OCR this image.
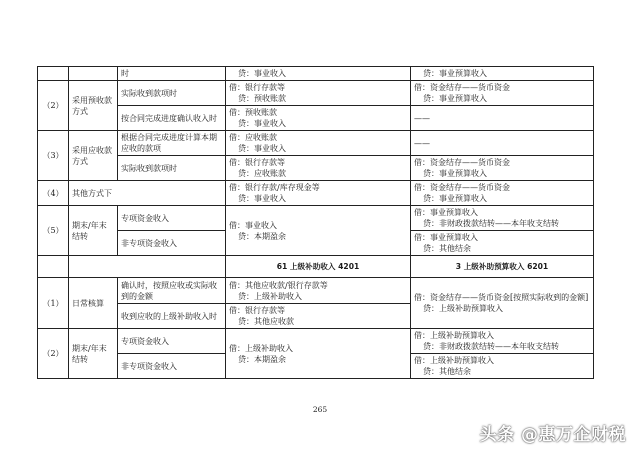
		时	贷：事业收入	贷：事业预算收入

（2）	采用预收款方式	实际收到款项时	借：银行存款等
贷：预收账款	借：资金结存——货币资金
贷：事业预算收入

		按合同完成进度确认收入时	借：预收账款
贷：事业收入	——
（3）	采用应收款方式	根据合同完成进度计算本期应收的款项	借：应收账款
贷：事业收入	——
		实际收到款项时	借：银行存款等
贷：应收账款	借：资金结存——货币资金
贷：事业预算收入

（4）	其他方式下		借：银行存款/库存现金等
贷：事业收入	借：资金结存——货币资金
贷：事业预算收入

（5）	期末/年末结转	专项资金收入	借：事业收入
贷：本期盈余	借：事业预算收入
贷：非财政拨款结转——本年收支结转

		非专项资金收入		借：事业预算收入
贷：其他结余

			61 上级补助收入 4201	3 上级补助预算收入 6201
（1）	日常核算	确认时，按照应收或实际收到的金额	借：其他应收款/银行存款等
贷：上级补助收入	借：资金结存——货币资金[按照实际收到的金额]
贷：上级补助预算收入

		收到应收的上级补助收入时	借：银行存款等
贷：其他应收款	

（2）	期末/年末结转	专项资金收入	借：上级补助收入
贷：本期盈余	借：上级补助预算收入
贷：非财政拨款结转——本年收支结转

		非专项资金收入		借：上级补助预算收入
贷：其他结余
265
头条 @惠万企财税
